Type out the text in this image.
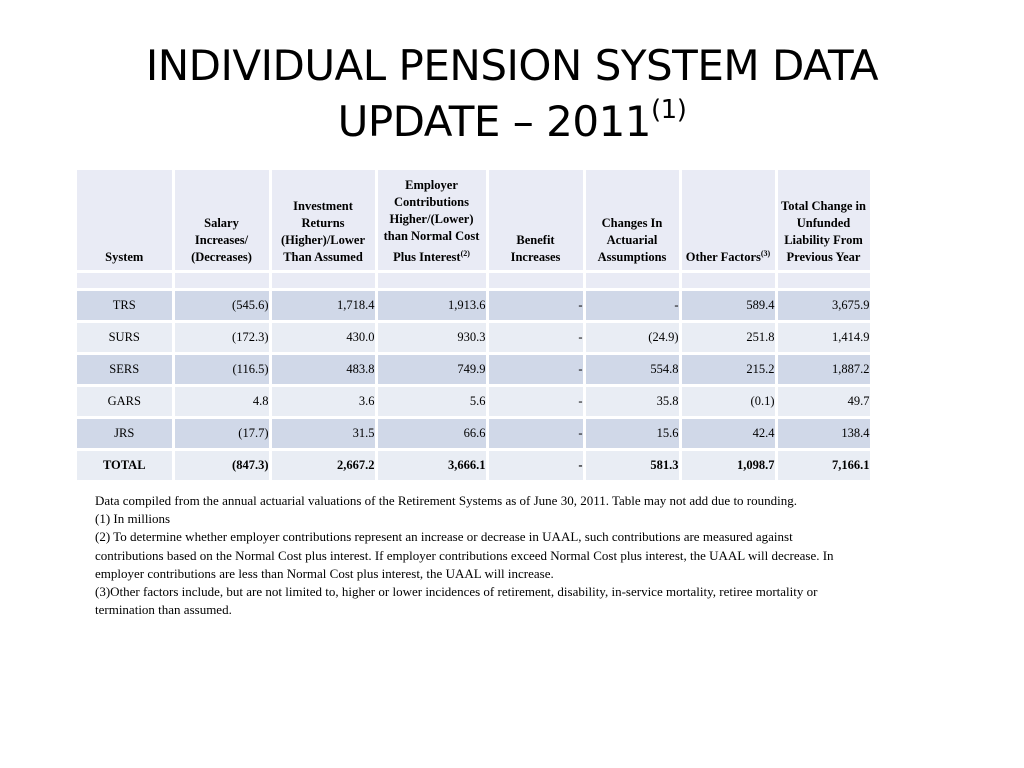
INDIVIDUAL PENSION SYSTEM DATA
UPDATE – 2011$^{(1)}$
System	Salary Increases/ (Decreases)	Investment Returns (Higher)/Lower Than Assumed	Employer Contributions Higher/(Lower) than Normal Cost Plus Interest$^{(2)}$	Benefit Increases	Changes In Actuarial Assumptions	Other Factors$^{(3)}$	Total Change in Unfunded Liability From Previous Year

TRS	(545.6)	1,718.4	1,913.6	-	-	589.4	3,675.9
SURS	(172.3)	430.0	930.3	-	(24.9)	251.8	1,414.9
SERS	(116.5)	483.8	749.9	-	554.8	215.2	1,887.2
GARS	4.8	3.6	5.6	-	35.8	(0.1)	49.7
JRS	(17.7)	31.5	66.6	-	15.6	42.4	138.4
TOTAL	(847.3)	2,667.2	3,666.1	-	581.3	1,098.7	7,166.1

Data compiled from the annual actuarial valuations of the Retirement Systems as of June 30, 2011. Table may not add due to rounding.

(1) In millions

(2) To determine whether employer contributions represent an increase or decrease in UAAL, such contributions are measured against contributions based on the Normal Cost plus interest. If employer contributions exceed Normal Cost plus interest, the UAAL will decrease. In employer contributions are less than Normal Cost plus interest, the UAAL will increase.

(3)Other factors include, but are not limited to, higher or lower incidences of retirement, disability, in-service mortality, retiree mortality or termination than assumed.
